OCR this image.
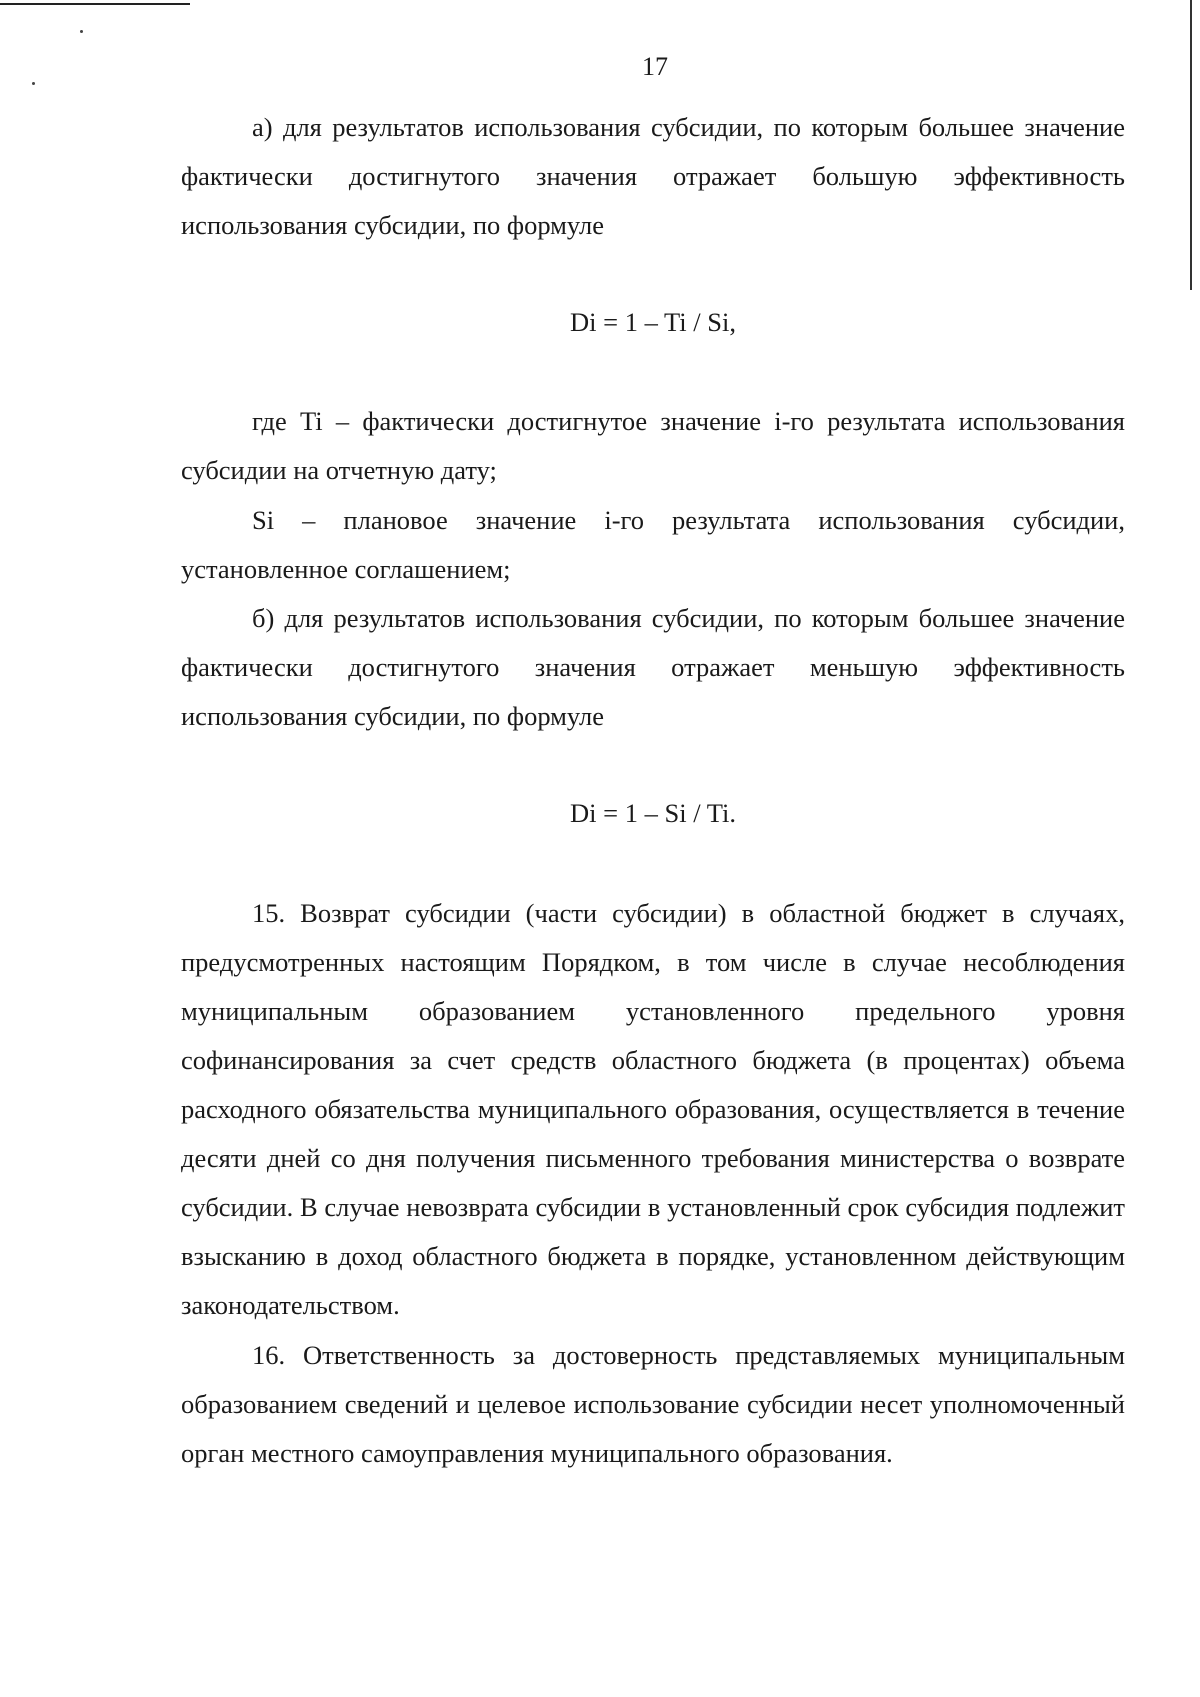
17

а) для результатов использования субсидии, по которым большее значение фактически достигнутого значения отражает большую эффективность использования субсидии, по формуле

Di = 1 – Ti / Si,

где Ti – фактически достигнутое значение i-го результата использования субсидии на отчетную дату;

Si – плановое значение i-го результата использования субсидии, установленное соглашением;

б) для результатов использования субсидии, по которым большее значение фактически достигнутого значения отражает меньшую эффективность использования субсидии, по формуле

Di = 1 – Si / Ti.

15. Возврат субсидии (части субсидии) в областной бюджет в случаях, предусмотренных настоящим Порядком, в том числе в случае несоблюдения муниципальным образованием установленного предельного уровня софинансирования за счет средств областного бюджета (в процентах) объема расходного обязательства муниципального образования, осуществляется в течение десяти дней со дня получения письменного требования министерства о возврате субсидии. В случае невозврата субсидии в установленный срок субсидия подлежит взысканию в доход областного бюджета в порядке, установленном действующим законодательством.

16. Ответственность за достоверность представляемых муниципальным образованием сведений и целевое использование субсидии несет уполномоченный орган местного самоуправления муниципального образования.
